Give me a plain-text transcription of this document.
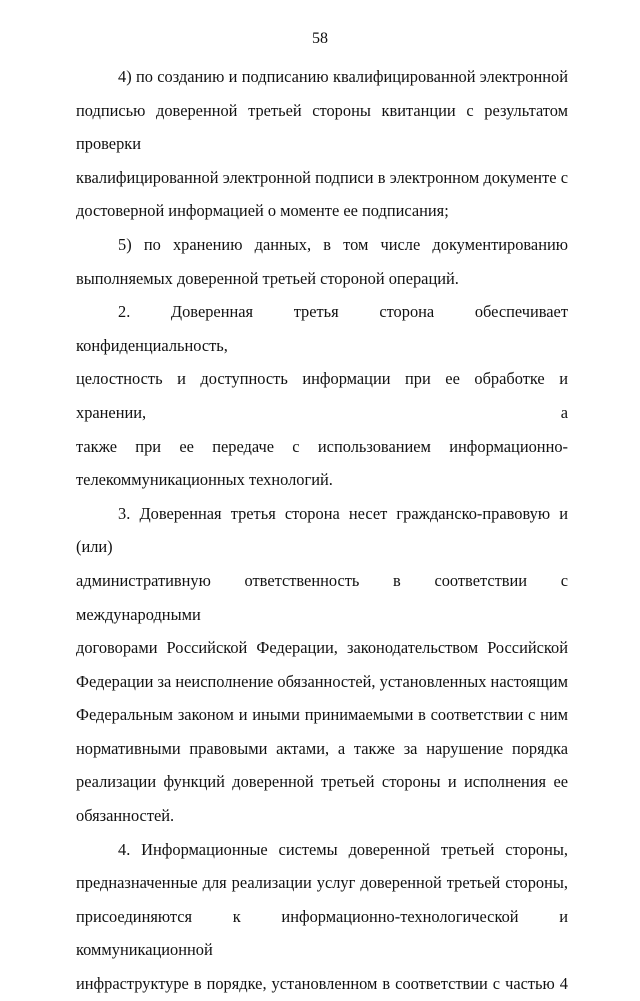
58

4) по созданию и подписанию квалифицированной электронной

подписью доверенной третьей стороны квитанции с результатом проверки

квалифицированной электронной подписи в электронном документе с

достоверной информацией о моменте ее подписания;

5) по хранению данных, в том числе документированию

выполняемых доверенной третьей стороной операций.

2. Доверенная третья сторона обеспечивает конфиденциальность,

целостность и доступность информации при ее обработке и хранении, а

также при ее передаче с использованием информационно-

телекоммуникационных технологий.

3. Доверенная третья сторона несет гражданско-правовую и (или)

административную ответственность в соответствии с международными

договорами Российской Федерации, законодательством Российской

Федерации за неисполнение обязанностей, установленных настоящим

Федеральным законом и иными принимаемыми в соответствии с ним

нормативными правовыми актами, а также за нарушение порядка

реализации функций доверенной третьей стороны и исполнения ее

обязанностей.

4. Информационные системы доверенной третьей стороны,

предназначенные для реализации услуг доверенной третьей стороны,

присоединяются к информационно-технологической и коммуникационной

инфраструктуре в порядке, установленном в соответствии с частью 4
